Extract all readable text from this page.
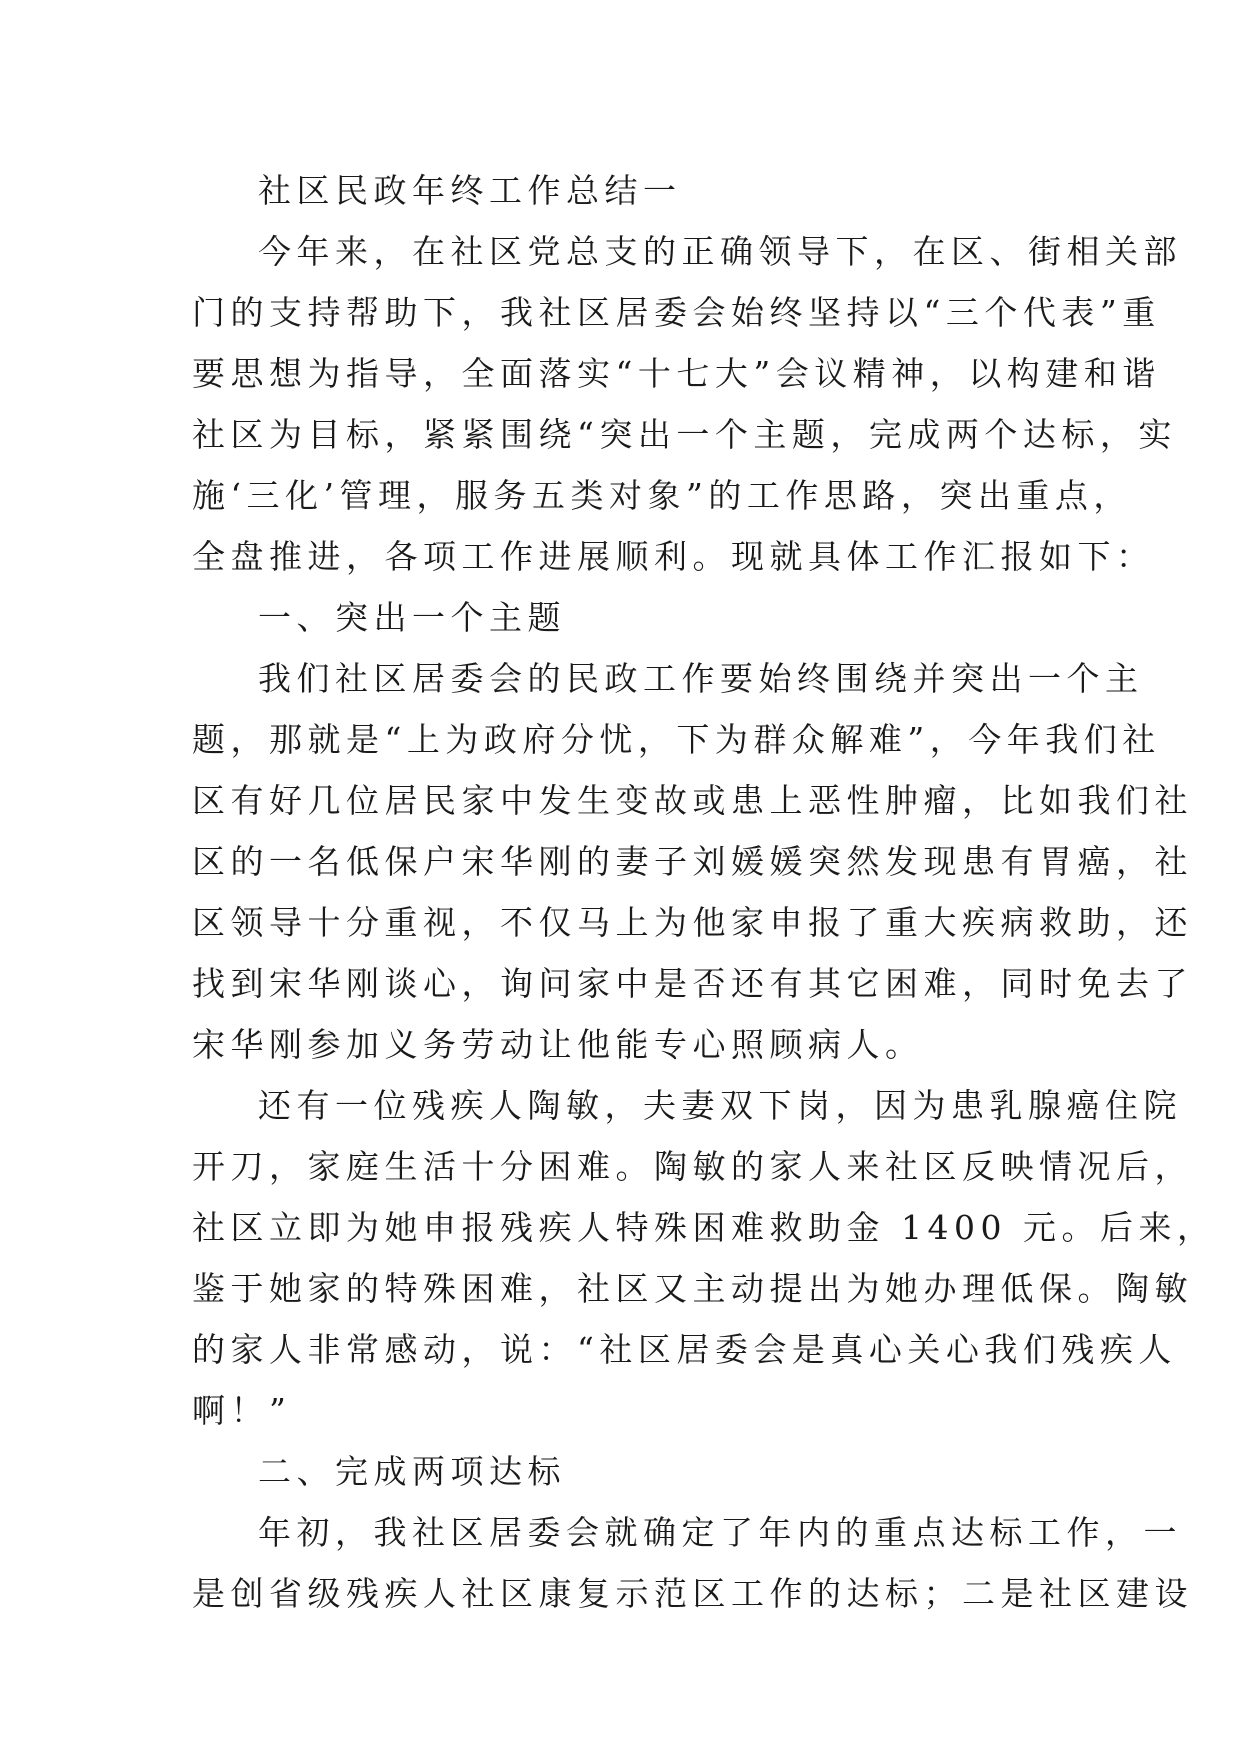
社区民政年终工作总结一
今年来，在社区党总支的正确领导下，在区、街相关部
门的支持帮助下，我社区居委会始终坚持以“三个代表”重
要思想为指导，全面落实“十七大”会议精神，以构建和谐
社区为目标，紧紧围绕“突出一个主题，完成两个达标，实
施‘三化’管理，服务五类对象”的工作思路，突出重点，
全盘推进，各项工作进展顺利。现就具体工作汇报如下：
一、突出一个主题
我们社区居委会的民政工作要始终围绕并突出一个主
题，那就是“上为政府分忧，下为群众解难”，今年我们社
区有好几位居民家中发生变故或患上恶性肿瘤，比如我们社
区的一名低保户宋华刚的妻子刘媛媛突然发现患有胃癌，社
区领导十分重视，不仅马上为他家申报了重大疾病救助，还
找到宋华刚谈心，询问家中是否还有其它困难，同时免去了
宋华刚参加义务劳动让他能专心照顾病人。
还有一位残疾人陶敏，夫妻双下岗，因为患乳腺癌住院
开刀，家庭生活十分困难。陶敏的家人来社区反映情况后，
社区立即为她申报残疾人特殊困难救助金 1400 元。后来，
鉴于她家的特殊困难，社区又主动提出为她办理低保。陶敏
的家人非常感动，说：“社区居委会是真心关心我们残疾人
啊！”
二、完成两项达标
年初，我社区居委会就确定了年内的重点达标工作，一
是创省级残疾人社区康复示范区工作的达标；二是社区建设
